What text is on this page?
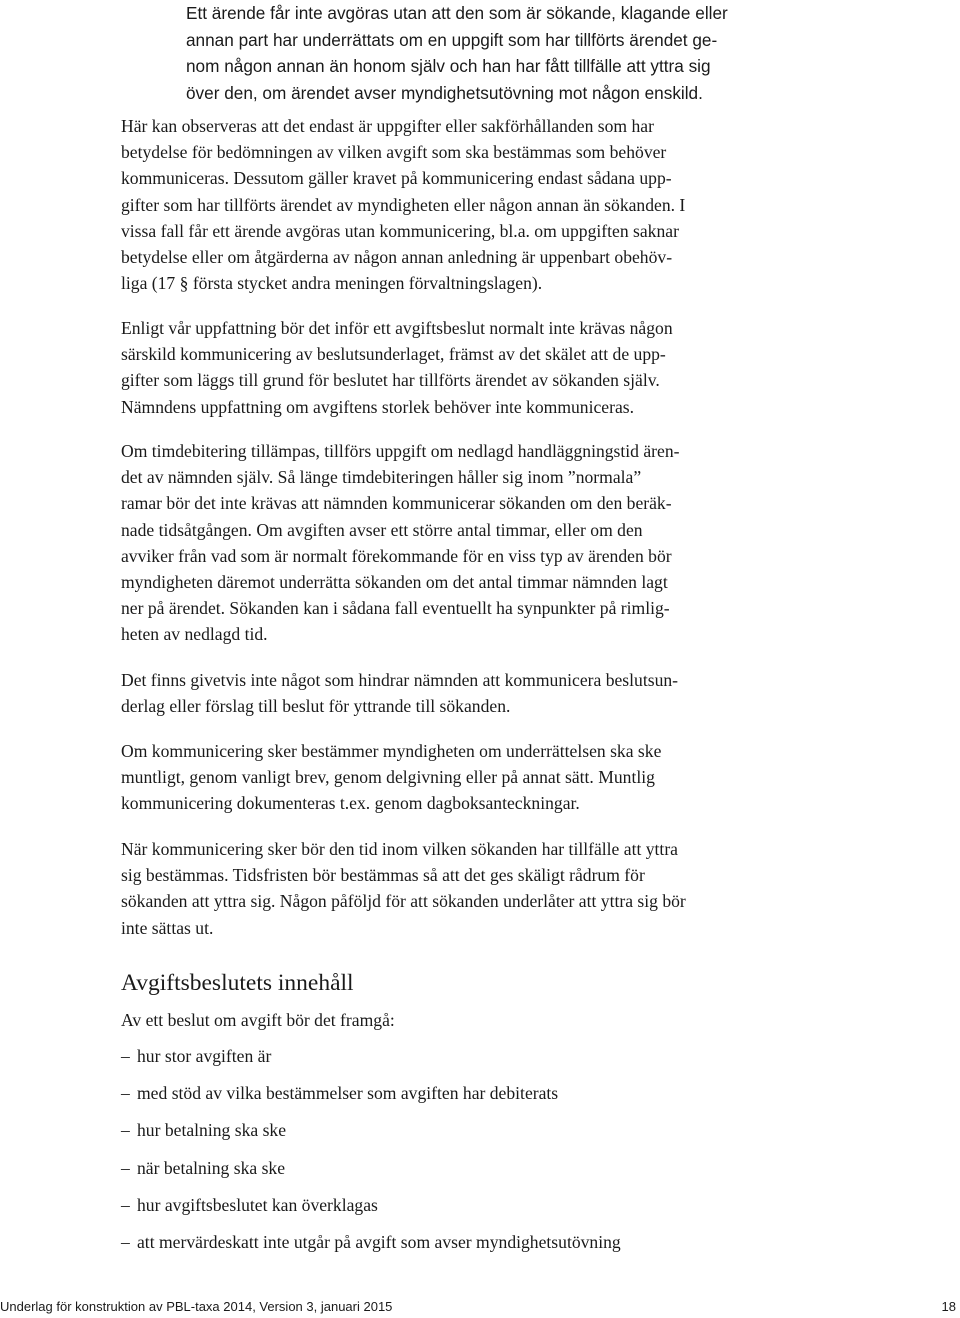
Ett ärende får inte avgöras utan att den som är sökande, klagande eller
annan part har underrättats om en uppgift som har tillförts ärendet ge-
nom någon annan än honom själv och han har fått tillfälle att yttra sig
över den, om ärendet avser myndighetsutövning mot någon enskild.

Här kan observeras att det endast är uppgifter eller sakförhållanden som har

betydelse för bedömningen av vilken avgift som ska bestämmas som behöver

kommuniceras. Dessutom gäller kravet på kommunicering endast sådana upp-

gifter som har tillförts ärendet av myndigheten eller någon annan än sökanden. I

vissa fall får ett ärende avgöras utan kommunicering, bl.a. om uppgiften saknar

betydelse eller om åtgärderna av någon annan anledning är uppenbart obehöv-

liga (17 § första stycket andra meningen förvaltningslagen).

Enligt vår uppfattning bör det inför ett avgiftsbeslut normalt inte krävas någon

särskild kommunicering av beslutsunderlaget, främst av det skälet att de upp-

gifter som läggs till grund för beslutet har tillförts ärendet av sökanden själv.

Nämndens uppfattning om avgiftens storlek behöver inte kommuniceras.

Om timdebitering tillämpas, tillförs uppgift om nedlagd handläggningstid ären-

det av nämnden själv. Så länge timdebiteringen håller sig inom ”normala”

ramar bör det inte krävas att nämnden kommunicerar sökanden om den beräk-

nade tidsåtgången. Om avgiften avser ett större antal timmar, eller om den

avviker från vad som är normalt förekommande för en viss typ av ärenden bör

myndigheten däremot underrätta sökanden om det antal timmar nämnden lagt

ner på ärendet. Sökanden kan i sådana fall eventuellt ha synpunkter på rimlig-

heten av nedlagd tid.

Det finns givetvis inte något som hindrar nämnden att kommunicera beslutsun-

derlag eller förslag till beslut för yttrande till sökanden.

Om kommunicering sker bestämmer myndigheten om underrättelsen ska ske

muntligt, genom vanligt brev, genom delgivning eller på annat sätt. Muntlig

kommunicering dokumenteras t.ex. genom dagboksanteckningar.

När kommunicering sker bör den tid inom vilken sökanden har tillfälle att yttra

sig bestämmas. Tidsfristen bör bestämmas så att det ges skäligt rådrum för

sökanden att yttra sig. Någon påföljd för att sökanden underlåter att yttra sig bör

inte sättas ut.

Avgiftsbeslutets innehåll

Av ett beslut om avgift bör det framgå:

– hur stor avgiften är
– med stöd av vilka bestämmelser som avgiften har debiterats
– hur betalning ska ske
– när betalning ska ske
– hur avgiftsbeslutet kan överklagas
– att mervärdeskatt inte utgår på avgift som avser myndighetsutövning
Underlag för konstruktion av PBL-taxa 2014, Version 3, januari 2015	18
